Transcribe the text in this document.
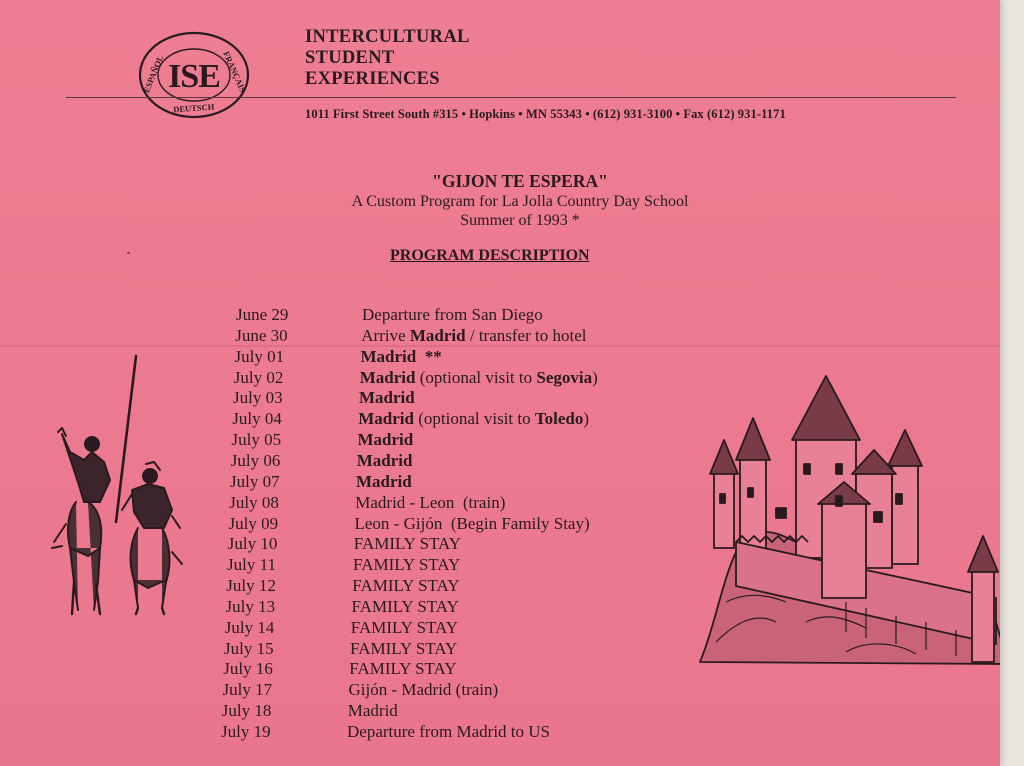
ESPAÑOL	FRANÇAIS
DEUTSCH
ISE
INTERCULTURAL
STUDENT
EXPERIENCES
1011 First Street South #315 • Hopkins • MN 55343 • (612) 931-3100 • Fax (612) 931-1171
"GIJON TE ESPERA"
A Custom Program for La Jolla Country Day School
Summer of 1993 *
PROGRAM DESCRIPTION
June 29	Departure from San Diego
June 30	Arrive Madrid / transfer to hotel
July 01	Madrid  **
July 02	Madrid (optional visit to Segovia)
July 03	Madrid
July 04	Madrid (optional visit to Toledo)
July 05	Madrid
July 06	Madrid
July 07	Madrid
July 08	Madrid - Leon  (train)
July 09	Leon - Gijón  (Begin Family Stay)
July 10	FAMILY STAY
July 11	FAMILY STAY
July 12	FAMILY STAY
July 13	FAMILY STAY
July 14	FAMILY STAY
July 15	FAMILY STAY
July 16	FAMILY STAY
July 17	Gijón - Madrid (train)
July 18	Madrid
July 19	Departure from Madrid to US
